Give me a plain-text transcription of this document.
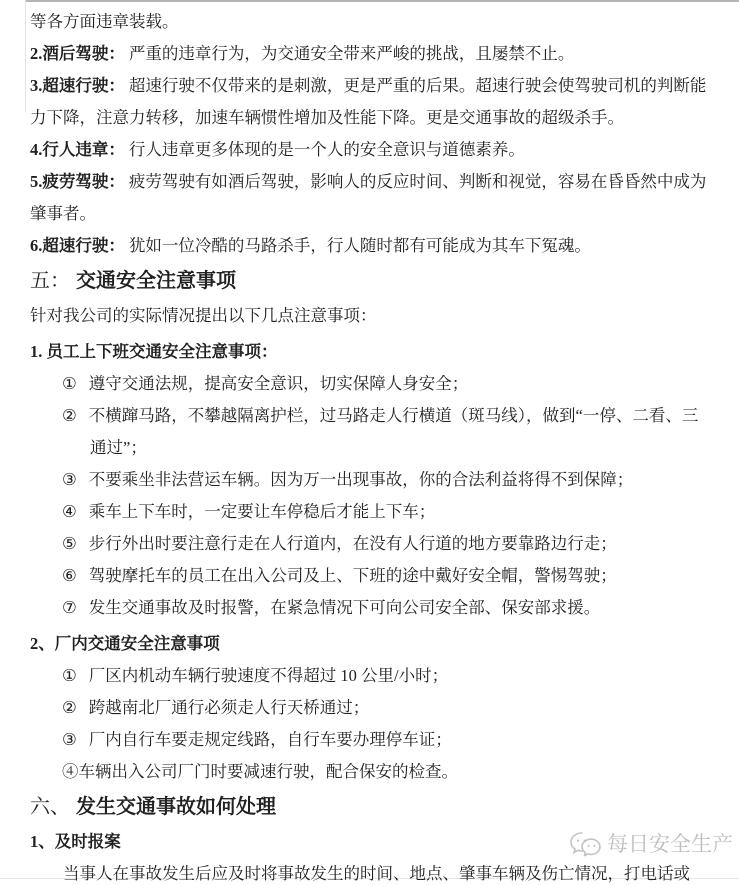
等各方面违章装载。

2.酒后驾驶： 严重的违章行为，为交通安全带来严峻的挑战，且屡禁不止。

3.超速行驶： 超速行驶不仅带来的是刺激，更是严重的后果。超速行驶会使驾驶司机的判断能力下降，注意力转移，加速车辆惯性增加及性能下降。更是交通事故的超级杀手。

4.行人违章： 行人违章更多体现的是一个人的安全意识与道德素养。

5.疲劳驾驶： 疲劳驾驶有如酒后驾驶，影响人的反应时间、判断和视觉，容易在昏昏然中成为肇事者。

6.超速行驶： 犹如一位冷酷的马路杀手，行人随时都有可能成为其车下冤魂。

五： 交通安全注意事项

针对我公司的实际情况提出以下几点注意事项：

1. 员工上下班交通安全注意事项：

① 遵守交通法规，提高安全意识，切实保障人身安全；

② 不横蹿马路，不攀越隔离护栏，过马路走人行横道（斑马线），做到“一停、二看、三通过”；

③ 不要乘坐非法营运车辆。因为万一出现事故，你的合法利益将得不到保障；

④ 乘车上下车时，一定要让车停稳后才能上下车；

⑤ 步行外出时要注意行走在人行道内，在没有人行道的地方要靠路边行走；

⑥ 驾驶摩托车的员工在出入公司及上、下班的途中戴好安全帽，警惕驾驶；

⑦ 发生交通事故及时报警，在紧急情况下可向公司安全部、保安部求援。

2、厂内交通安全注意事项

① 厂区内机动车辆行驶速度不得超过 10 公里/小时；

② 跨越南北厂通行必须走人行天桥通过；

③ 厂内自行车要走规定线路，自行车要办理停车证；

④车辆出入公司厂门时要减速行驶，配合保安的检查。

六、 发生交通事故如何处理

1、及时报案

当事人在事故发生后应及时将事故发生的时间、地点、肇事车辆及伤亡情况，打电话或

每日安全生产
